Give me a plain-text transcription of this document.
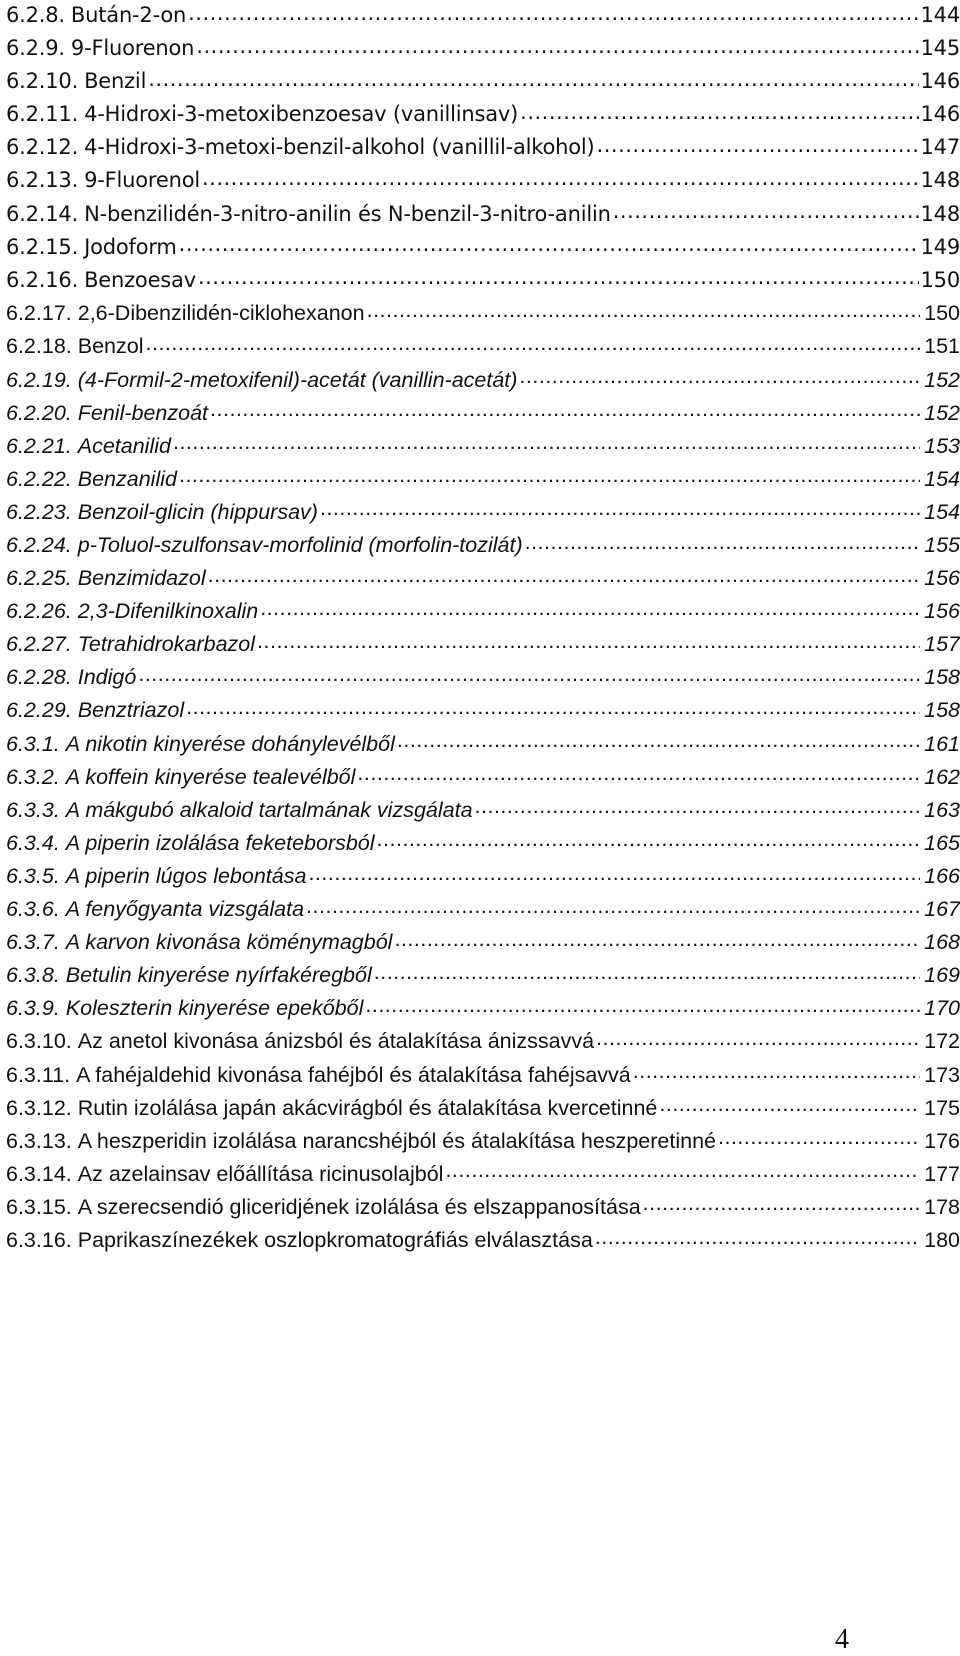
6.2.8. Bután-2-on .....	144
6.2.9. 9-Fluorenon .....	145
6.2.10. Benzil .....	146
6.2.11. 4-Hidroxi-3-metoxibenzoesav (vanillinsav) .....	146
6.2.12. 4-Hidroxi-3-metoxi-benzil-alkohol (vanillil-alkohol) .....	147
6.2.13. 9-Fluorenol .....	148
6.2.14. N-benzilidén-3-nitro-anilin és N-benzil-3-nitro-anilin .....	148
6.2.15. Jodoform .....	149
6.2.16. Benzoesav .....	150
6.2.17. 2,6-Dibenzilidén-ciklohexanon .....	150
6.2.18. Benzol .....	151
6.2.19. (4-Formil-2-metoxifenil)-acetát (vanillin-acetát) .....	152
6.2.20. Fenil-benzoát .....	152
6.2.21. Acetanilid .....	153
6.2.22. Benzanilid .....	154
6.2.23. Benzoil-glicin (hippursav) .....	154
6.2.24. p-Toluol-szulfonsav-morfolinid (morfolin-tozilát) .....	155
6.2.25. Benzimidazol .....	156
6.2.26. 2,3-Difenilkinoxalin .....	156
6.2.27. Tetrahidrokarbazol .....	157
6.2.28. Indigó .....	158
6.2.29. Benztriazol .....	158
6.3.1. A nikotin kinyerése dohánylevélből .....	161
6.3.2. A koffein kinyerése tealevélből .....	162
6.3.3. A mákgubó alkaloid tartalmának vizsgálata .....	163
6.3.4. A piperin izolálása feketeborsból .....	165
6.3.5. A piperin lúgos lebontása .....	166
6.3.6. A fenyőgyanta vizsgálata .....	167
6.3.7. A karvon kivonása köménymagból .....	168
6.3.8. Betulin kinyerése nyírfakéregből .....	169
6.3.9. Koleszterin kinyerése epekőből .....	170
6.3.10. Az anetol kivonása ánizsból és átalakítása ánizssavvá .....	172
6.3.11. A fahéjaldehid kivonása fahéjból és átalakítása fahéjsavvá .....	173
6.3.12. Rutin izolálása japán akácvirágból és átalakítása kvercetinné .....	175
6.3.13. A heszperidin izolálása narancshéjból és átalakítása heszperetinné .....	176
6.3.14. Az azelainsav előállítása ricinusolajból .....	177
6.3.15. A szerecsendió gliceridjének izolálása és elszappanosítása .....	178
6.3.16. Paprikaszínezékek oszlopkromatográfiás elválasztása .....	180
4
